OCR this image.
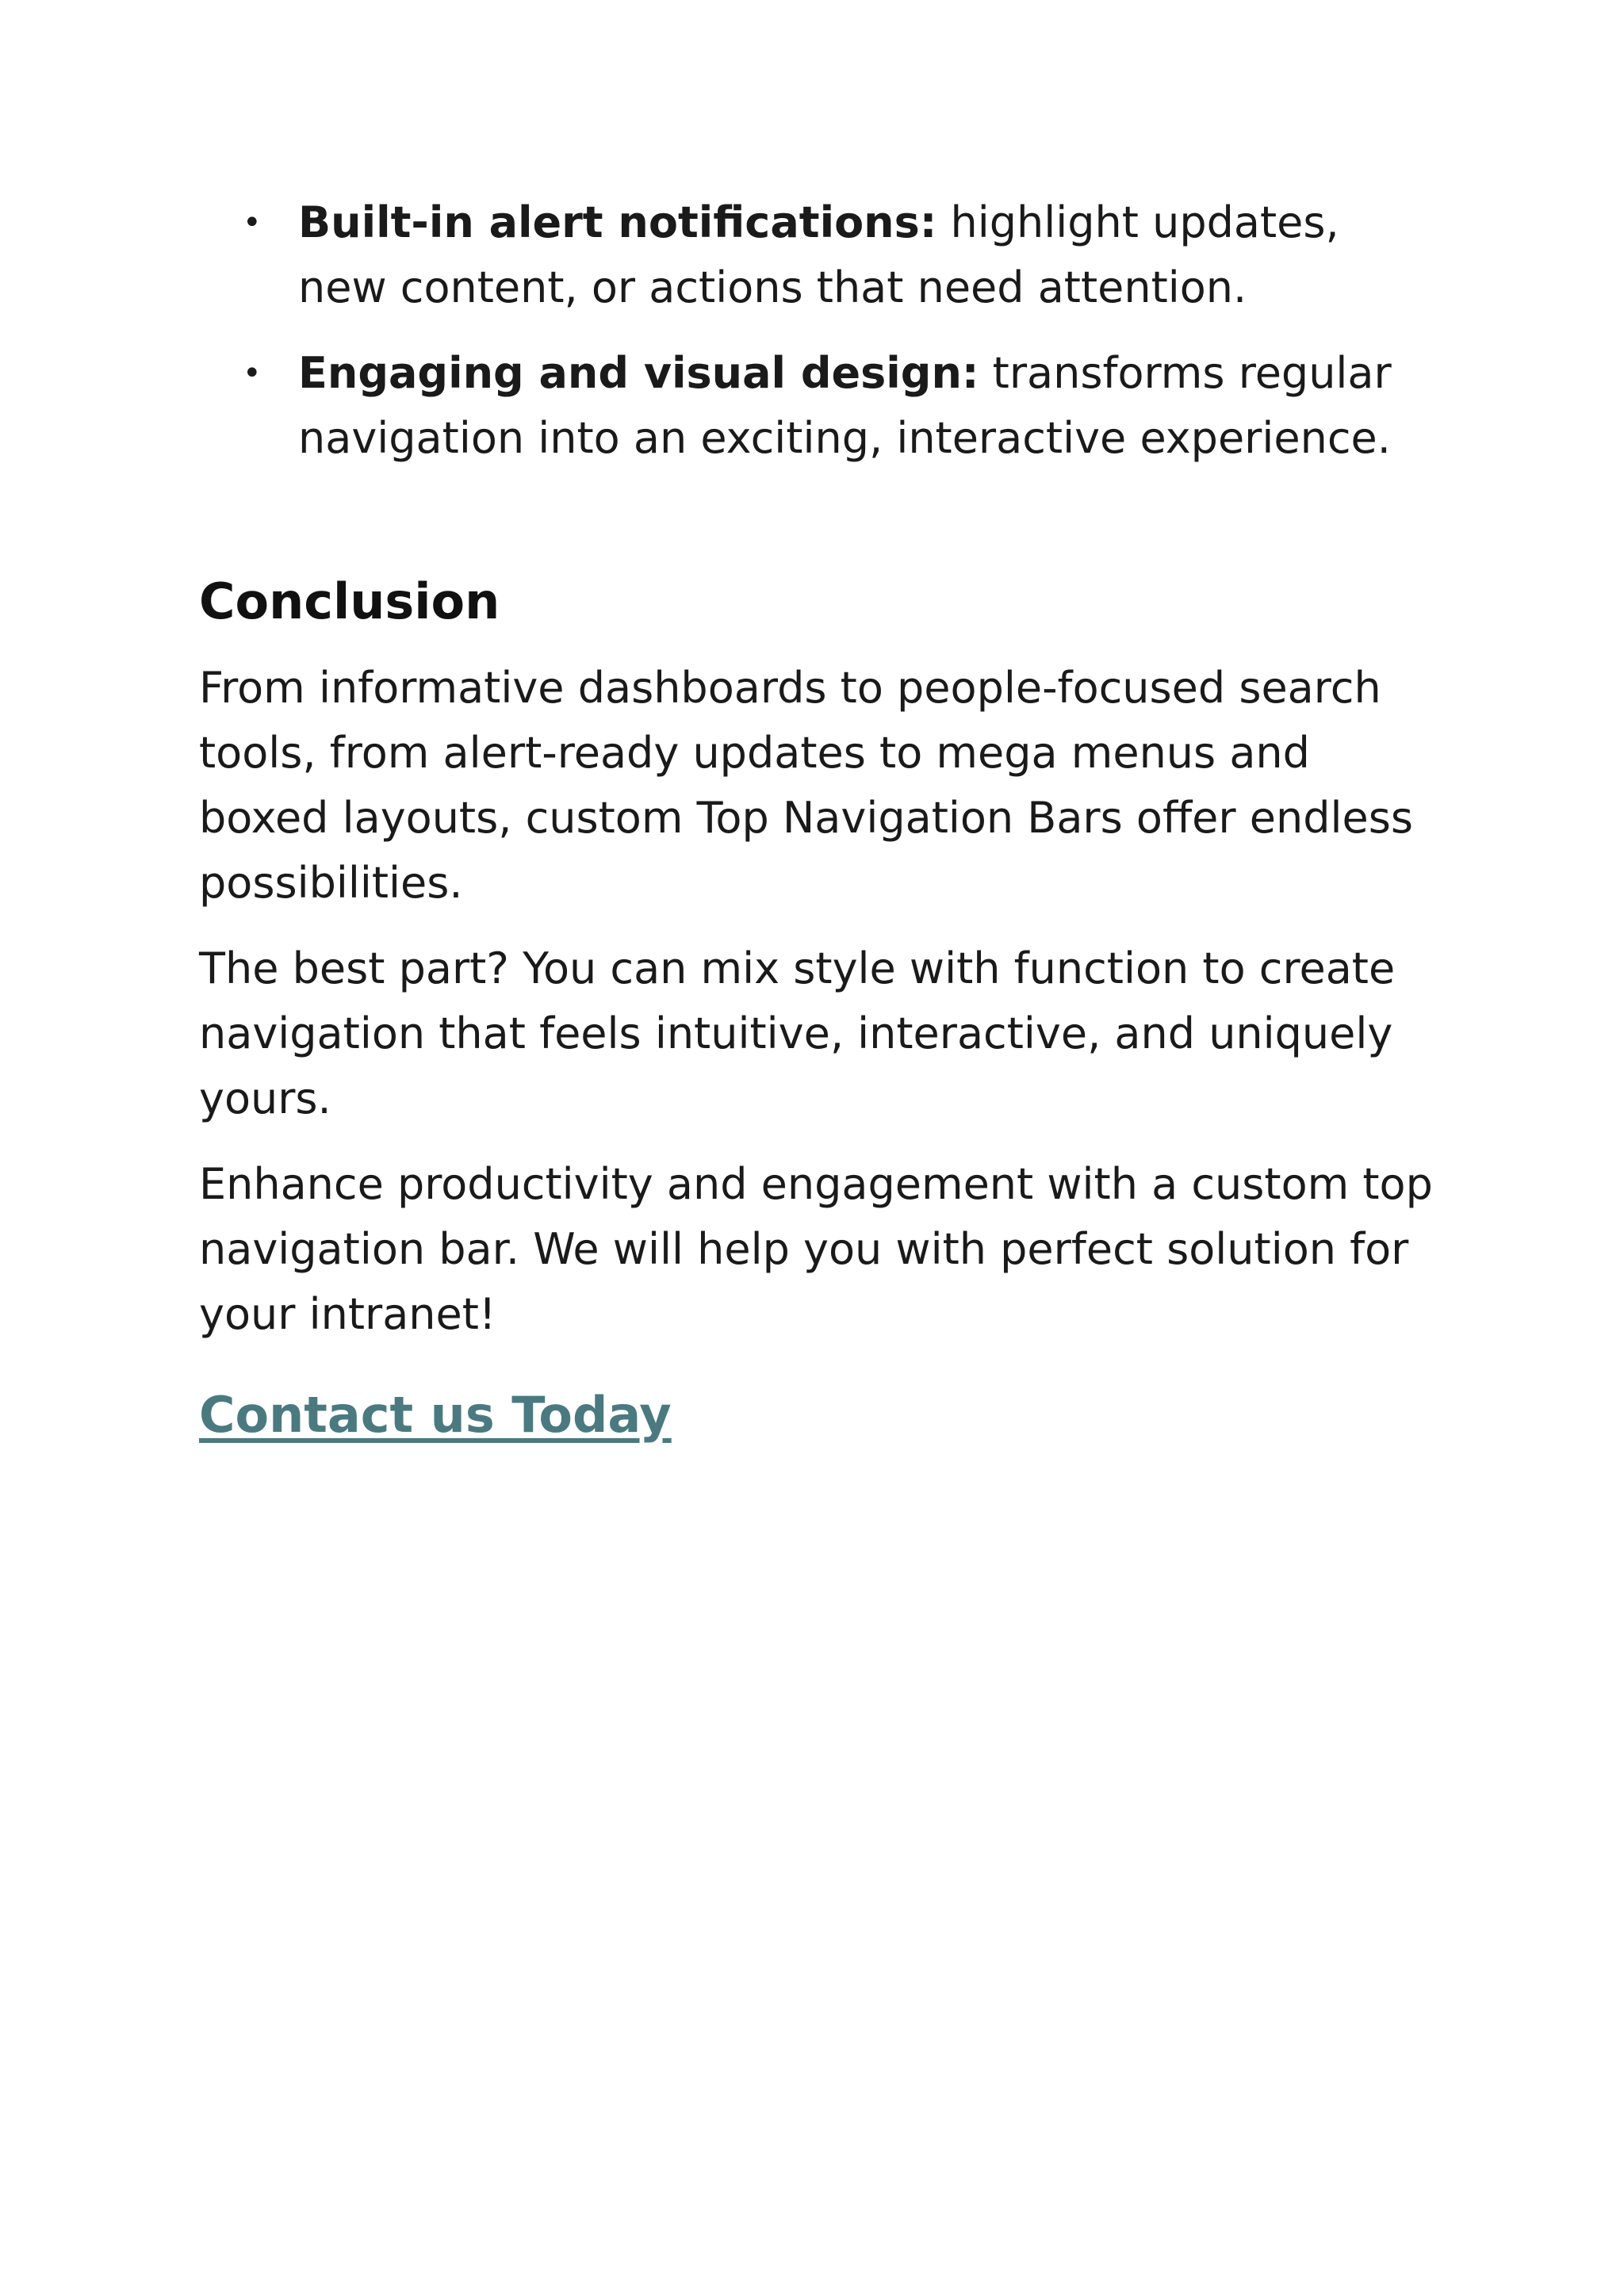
• Built-in alert notifications: highlight updates, new content, or actions that need attention.
• Engaging and visual design: transforms regular navigation into an exciting, interactive experience.
Conclusion

From informative dashboards to people-focused search tools, from alert-ready updates to mega menus and boxed layouts, custom Top Navigation Bars offer endless possibilities.

The best part? You can mix style with function to create navigation that feels intuitive, interactive, and uniquely yours.

Enhance productivity and engagement with a custom top navigation bar. We will help you with perfect solution for your intranet!

Contact us Today
